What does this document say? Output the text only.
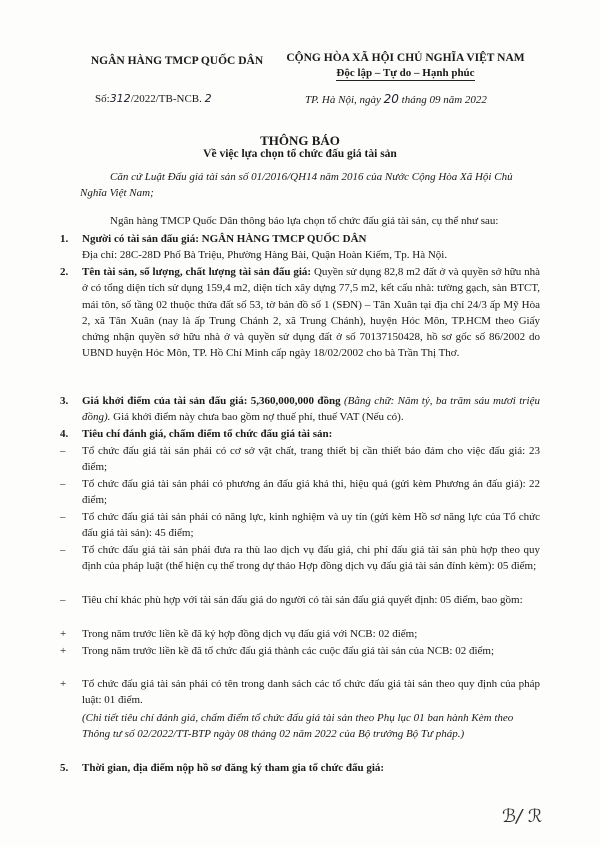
NGÂN HÀNG TMCP QUỐC DÂN	CỘNG HÒA XÃ HỘI CHỦ NGHĨA VIỆT NAM
Độc lập – Tự do – Hạnh phúc
Số:312/2022/TB-NCB. 2	TP. Hà Nội, ngày 20 tháng 09 năm 2022
THÔNG BÁO
Về việc lựa chọn tổ chức đấu giá tài sản
Căn cứ Luật Đấu giá tài sản số 01/2016/QH14 năm 2016 của Nước Cộng Hòa Xã Hội Chủ Nghĩa Việt Nam;
Ngân hàng TMCP Quốc Dân thông báo lựa chọn tổ chức đấu giá tài sản, cụ thể như sau:
1. Người có tài sản đấu giá: NGÂN HÀNG TMCP QUỐC DÂN
Địa chỉ: 28C-28D Phố Bà Triệu, Phường Hàng Bài, Quận Hoàn Kiếm, Tp. Hà Nội.
2. Tên tài sản, số lượng, chất lượng tài sản đấu giá: Quyền sử dụng 82,8 m2 đất ở và quyền sở hữu nhà ở có tổng diện tích sử dụng 159,4 m2, diện tích xây dựng 77,5 m2, kết cấu nhà: tường gạch, sàn BTCT, mái tôn, số tầng 02 thuộc thửa đất số 53, tờ bản đồ số 1 (SĐN) – Tân Xuân tại địa chỉ 24/3 ấp Mỹ Hòa 2, xã Tân Xuân (nay là ấp Trung Chánh 2, xã Trung Chánh), huyện Hóc Môn, TP.HCM theo Giấy chứng nhận quyền sở hữu nhà ở và quyền sử dụng đất ở số 70137150428, hồ sơ gốc số 86/2002 do UBND huyện Hóc Môn, TP. Hồ Chí Minh cấp ngày 18/02/2002 cho bà Trần Thị Thơ.
3. Giá khởi điểm của tài sản đấu giá: 5,360,000,000 đồng (Bằng chữ: Năm tỷ, ba trăm sáu mươi triệu đồng). Giá khởi điểm này chưa bao gồm nợ thuế phí, thuế VAT (Nếu có).
4. Tiêu chí đánh giá, chấm điểm tổ chức đấu giá tài sản:
–	Tổ chức đấu giá tài sản phải có cơ sở vật chất, trang thiết bị cần thiết bảo đảm cho việc đấu giá: 23 điểm;
–	Tổ chức đấu giá tài sản phải có phương án đấu giá khả thi, hiệu quả (gửi kèm Phương án đấu giá): 22 điểm;
–	Tổ chức đấu giá tài sản phải có năng lực, kinh nghiệm và uy tín (gửi kèm Hồ sơ năng lực của Tổ chức đấu giá tài sản): 45 điểm;
–	Tổ chức đấu giá tài sản phải đưa ra thù lao dịch vụ đấu giá, chi phí đấu giá tài sản phù hợp theo quy định của pháp luật (thể hiện cụ thể trong dự thảo Hợp đồng dịch vụ đấu giá tài sản đính kèm): 05 điểm;
–	Tiêu chí khác phù hợp với tài sản đấu giá do người có tài sản đấu giá quyết định: 05 điểm, bao gồm:
+	Trong năm trước liền kề đã ký hợp đồng dịch vụ đấu giá với NCB: 02 điểm;
+	Trong năm trước liền kề đã tổ chức đấu giá thành các cuộc đấu giá tài sản của NCB: 02 điểm;
+	Tổ chức đấu giá tài sản phải có tên trong danh sách các tổ chức đấu giá tài sản theo quy định của pháp luật: 01 điểm.
(Chi tiết tiêu chí đánh giá, chấm điểm tổ chức đấu giá tài sản theo Phụ lục 01 ban hành Kèm theo Thông tư số 02/2022/TT-BTP ngày 08 tháng 02 năm 2022 của Bộ trưởng Bộ Tư pháp.)
5. Thời gian, địa điểm nộp hồ sơ đăng ký tham gia tổ chức đấu giá:
ℬ/ ℛ
